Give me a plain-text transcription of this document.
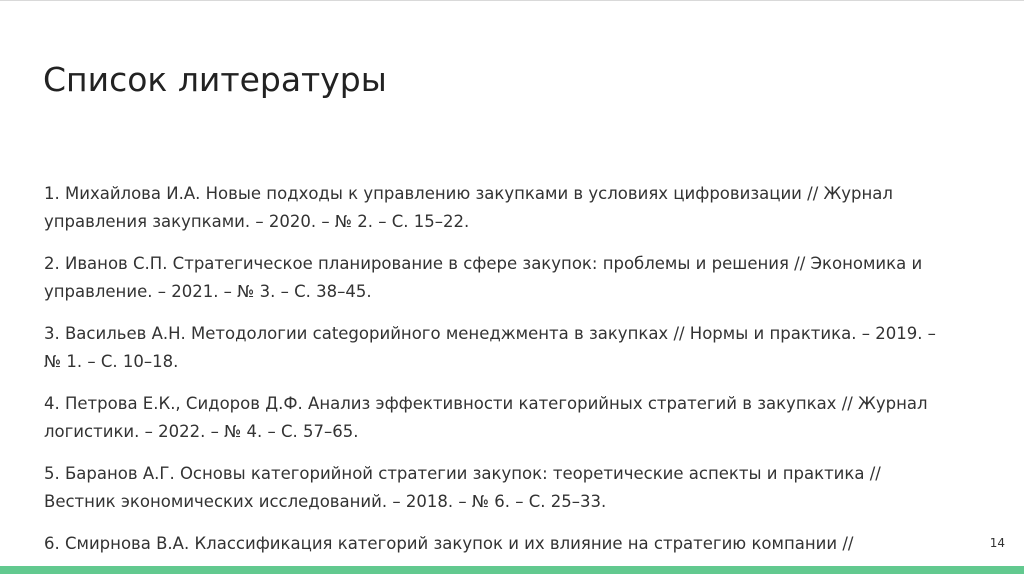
Список литературы
1. Михайлова И.А. Новые подходы к управлению закупками в условиях цифровизации // Журнал
управления закупками. – 2020. – № 2. – С. 15–22.
2. Иванов С.П. Стратегическое планирование в сфере закупок: проблемы и решения // Экономика и
управление. – 2021. – № 3. – С. 38–45.
3. Васильев А.Н. Методологии categорийного менеджмента в закупках // Нормы и практика. – 2019. –
№ 1. – С. 10–18.
4. Петрова Е.К., Сидоров Д.Ф. Анализ эффективности категорийных стратегий в закупках // Журнал
логистики. – 2022. – № 4. – С. 57–65.
5. Баранов А.Г. Основы категорийной стратегии закупок: теоретические аспекты и практика //
Вестник экономических исследований. – 2018. – № 6. – С. 25–33.
6. Смирнова В.А. Классификация категорий закупок и их влияние на стратегию компании //	14
